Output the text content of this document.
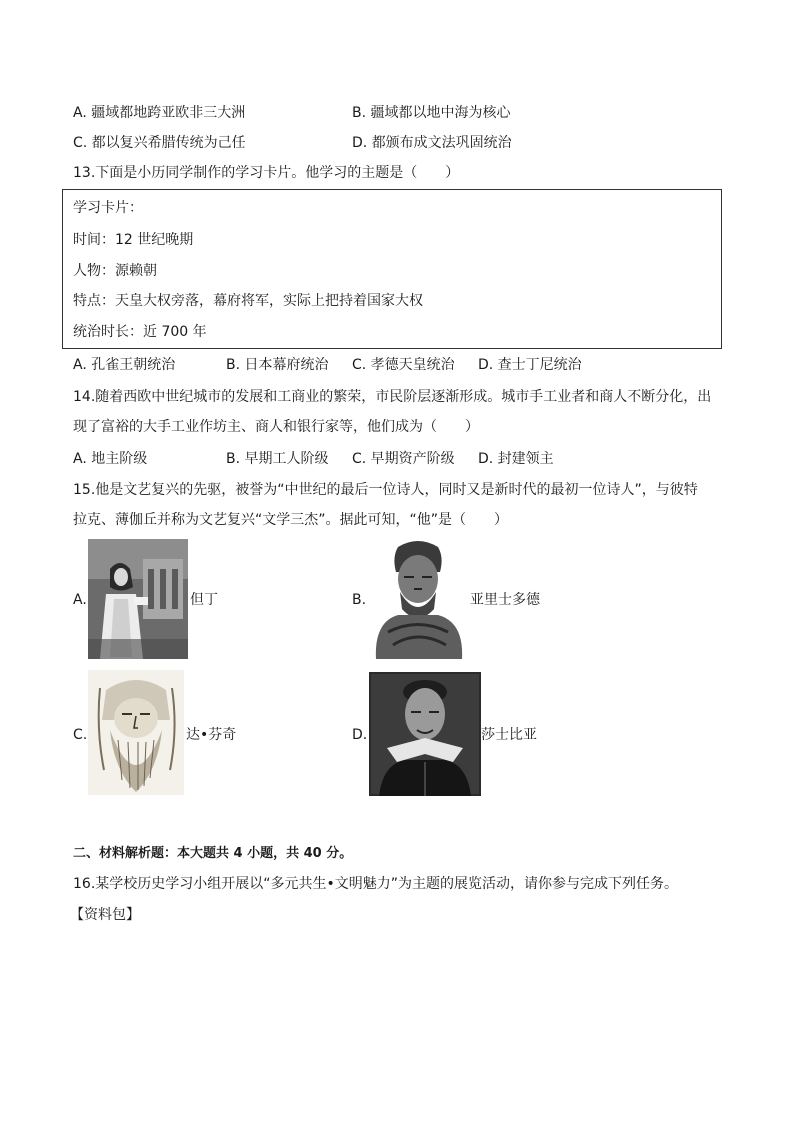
A. 疆域都地跨亚欧非三大洲	B. 疆域都以地中海为核心
C. 都以复兴希腊传统为己任	D. 都颁布成文法巩固统治
13.下面是小历同学制作的学习卡片。他学习的主题是（　　）
学习卡片：
时间：12 世纪晚期
人物：源赖朝
特点：天皇大权旁落，幕府将军，实际上把持着国家大权
统治时长：近 700 年
A. 孔雀王朝统治	B. 日本幕府统治 C. 孝德天皇统治 D. 查士丁尼统治
14.随着西欧中世纪城市的发展和工商业的繁荣，市民阶层逐渐形成。城市手工业者和商人不断分化，出
现了富裕的大手工业作坊主、商人和银行家等，他们成为（　　）
A. 地主阶级	B. 早期工人阶级 C. 早期资产阶级 D. 封建领主
15.他是文艺复兴的先驱，被誉为“中世纪的最后一位诗人，同时又是新时代的最初一位诗人”，与彼特
拉克、薄伽丘并称为文艺复兴“文学三杰”。据此可知，“他”是（　　）
A.	但丁	B.	亚里士多德
C.	达•芬奇	D.	莎士比亚
二、材料解析题：本大题共 4 小题，共 40 分。
16.某学校历史学习小组开展以“多元共生•文明魅力”为主题的展览活动，请你参与完成下列任务。
【资料包】
